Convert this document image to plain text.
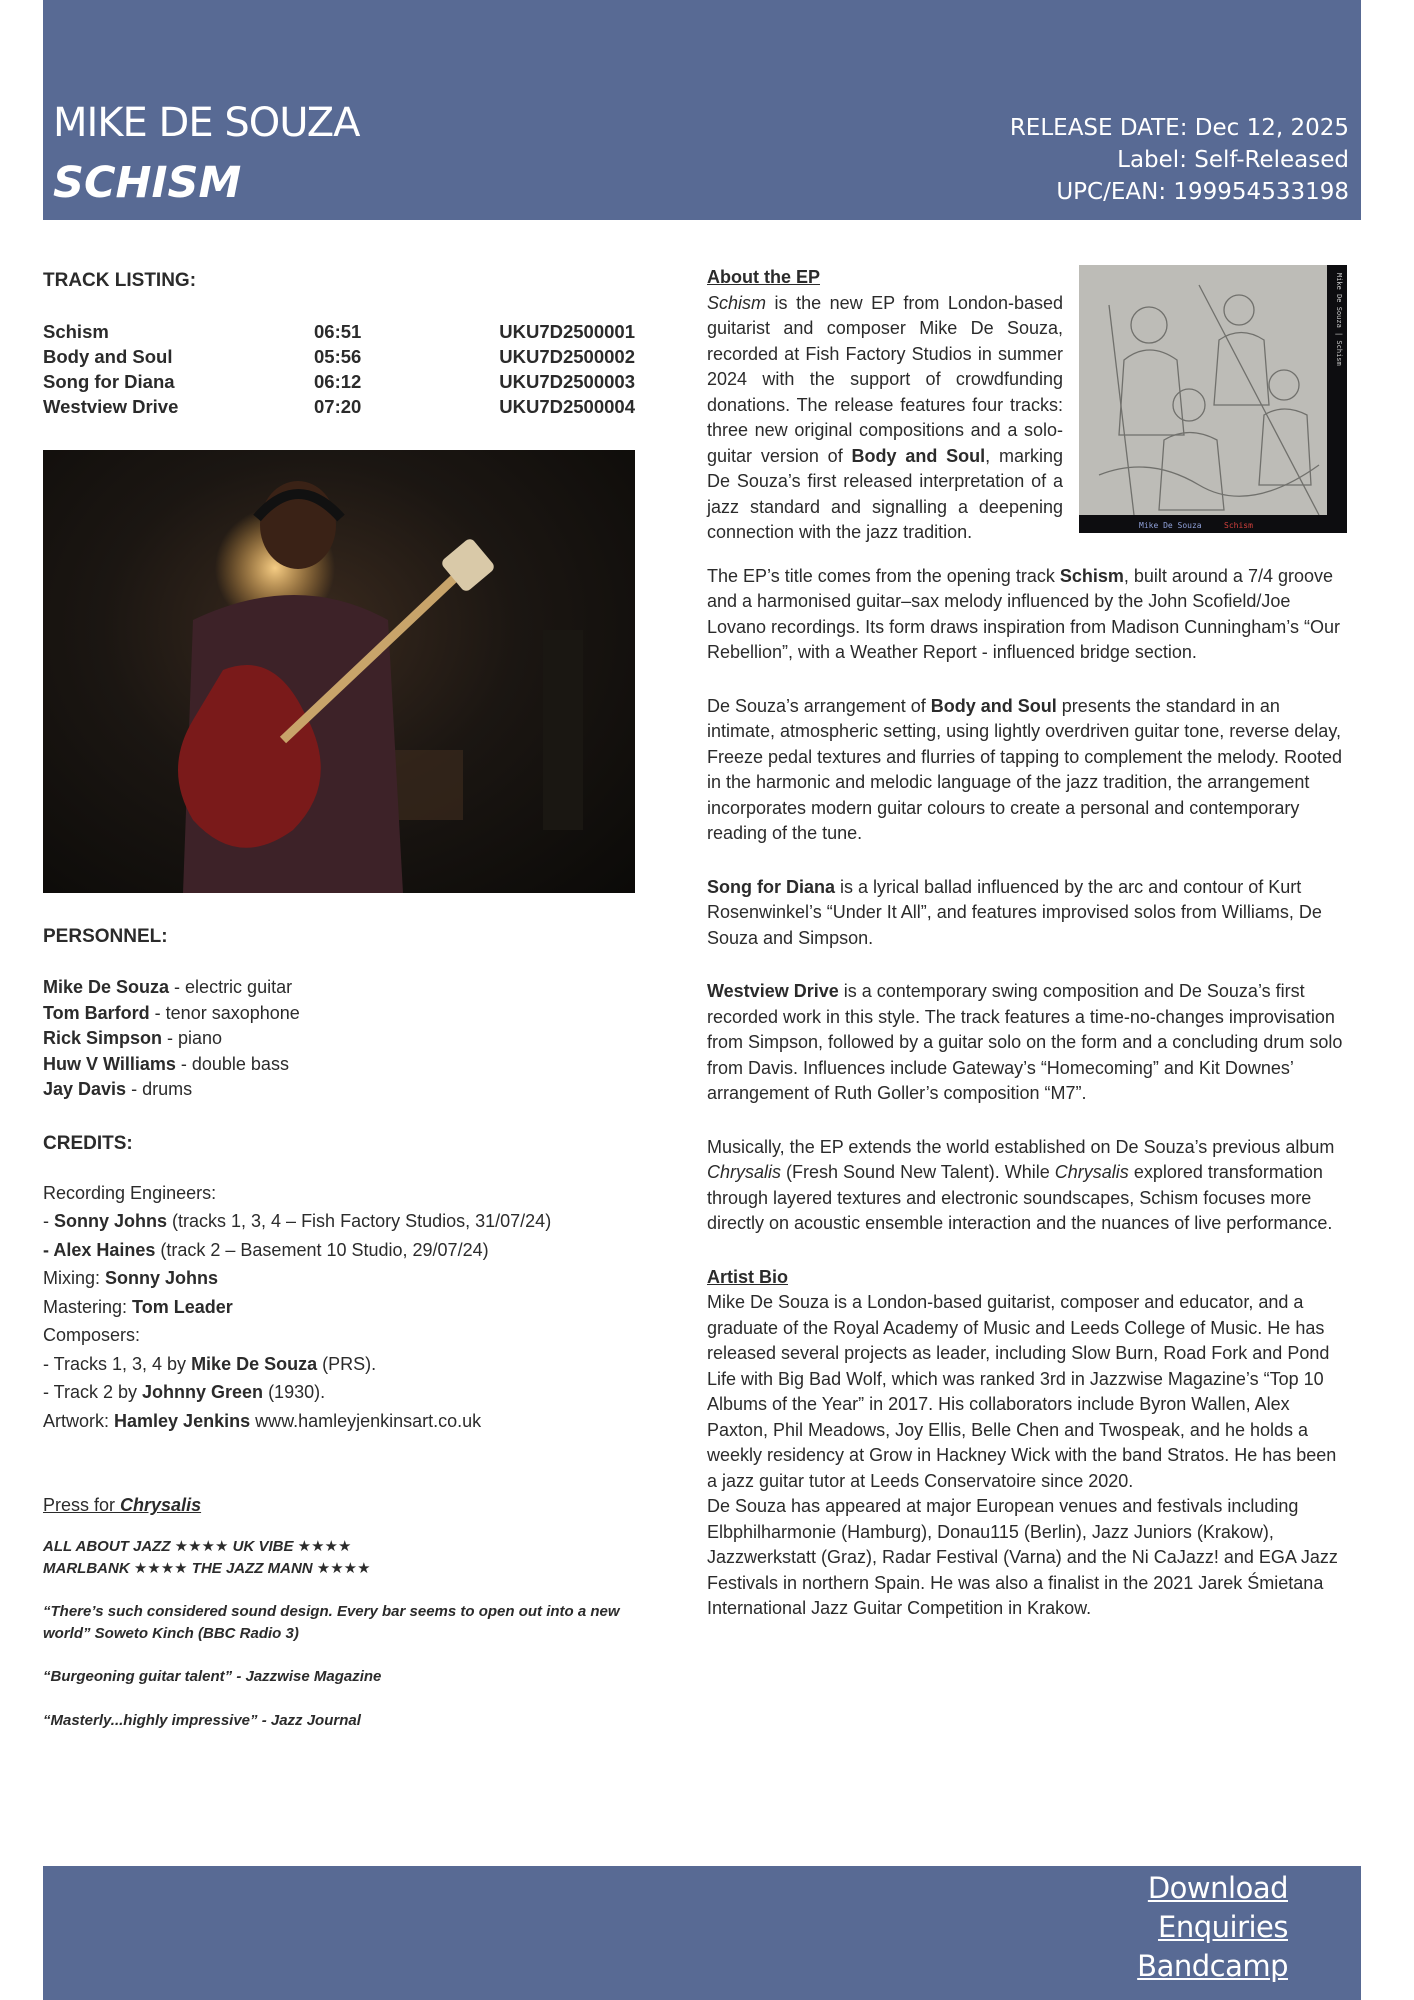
MIKE DE SOUZA
SCHISM
RELEASE DATE: Dec 12, 2025
Label: Self-Released
UPC/EAN: 199954533198
TRACK LISTING:
Schism	06:51	UKU7D2500001
Body and Soul	05:56	UKU7D2500002
Song for Diana	06:12	UKU7D2500003
Westview Drive	07:20	UKU7D2500004
PERSONNEL:
Mike De Souza - electric guitar
Tom Barford - tenor saxophone
Rick Simpson - piano
Huw V Williams - double bass
Jay Davis - drums
CREDITS:
Recording Engineers:
- Sonny Johns (tracks 1, 3, 4 – Fish Factory Studios, 31/07/24)
- Alex Haines (track 2 – Basement 10 Studio, 29/07/24)
Mixing: Sonny Johns
Mastering: Tom Leader
Composers:
- Tracks 1, 3, 4 by Mike De Souza (PRS).
- Track 2 by Johnny Green (1930).
Artwork: Hamley Jenkins www.hamleyjenkinsart.co.uk
Press for Chrysalis
ALL ABOUT JAZZ ★★★★ UK VIBE ★★★★
MARLBANK ★★★★ THE JAZZ MANN ★★★★
“There’s such considered sound design. Every bar seems to open out into a new world” Soweto Kinch (BBC Radio 3)
“Burgeoning guitar talent” - Jazzwise Magazine
“Masterly...highly impressive” - Jazz Journal
Mike De Souza | Schism
Mike De Souza	Schism
About the EP
Schism is the new EP from London-based guitarist and composer Mike De Souza, recorded at Fish Factory Studios in summer 2024 with the support of crowdfunding donations. The release features four tracks: three new original compositions and a solo-guitar version of Body and Soul, marking De Souza’s first released interpretation of a jazz standard and signalling a deepening connection with the jazz tradition.
The EP’s title comes from the opening track Schism, built around a 7/4 groove and a harmonised guitar–sax melody influenced by the John Scofield/Joe Lovano recordings. Its form draws inspiration from Madison Cunningham’s “Our Rebellion”, with a Weather Report - influenced bridge section.
De Souza’s arrangement of Body and Soul presents the standard in an intimate, atmospheric setting, using lightly overdriven guitar tone, reverse delay, Freeze pedal textures and flurries of tapping to complement the melody. Rooted in the harmonic and melodic language of the jazz tradition, the arrangement incorporates modern guitar colours to create a personal and contemporary reading of the tune.
Song for Diana is a lyrical ballad influenced by the arc and contour of Kurt Rosenwinkel’s “Under It All”, and features improvised solos from Williams, De Souza and Simpson.
Westview Drive is a contemporary swing composition and De Souza’s first recorded work in this style. The track features a time-no-changes improvisation from Simpson, followed by a guitar solo on the form and a concluding drum solo from Davis. Influences include Gateway’s “Homecoming” and Kit Downes’ arrangement of Ruth Goller’s composition “M7”.
Musically, the EP extends the world established on De Souza’s previous album Chrysalis (Fresh Sound New Talent). While Chrysalis explored transformation through layered textures and electronic soundscapes, Schism focuses more directly on acoustic ensemble interaction and the nuances of live performance.
Artist Bio
Mike De Souza is a London-based guitarist, composer and educator, and a graduate of the Royal Academy of Music and Leeds College of Music. He has released several projects as leader, including Slow Burn, Road Fork and Pond Life with Big Bad Wolf, which was ranked 3rd in Jazzwise Magazine’s “Top 10 Albums of the Year” in 2017. His collaborators include Byron Wallen, Alex Paxton, Phil Meadows, Joy Ellis, Belle Chen and Twospeak, and he holds a weekly residency at Grow in Hackney Wick with the band Stratos. He has been a jazz guitar tutor at Leeds Conservatoire since 2020.
De Souza has appeared at major European venues and festivals including Elbphilharmonie (Hamburg), Donau115 (Berlin), Jazz Juniors (Krakow), Jazzwerkstatt (Graz), Radar Festival (Varna) and the Ni CaJazz! and EGA Jazz Festivals in northern Spain. He was also a finalist in the 2021 Jarek Śmietana International Jazz Guitar Competition in Krakow.
Download
Enquiries
Bandcamp
